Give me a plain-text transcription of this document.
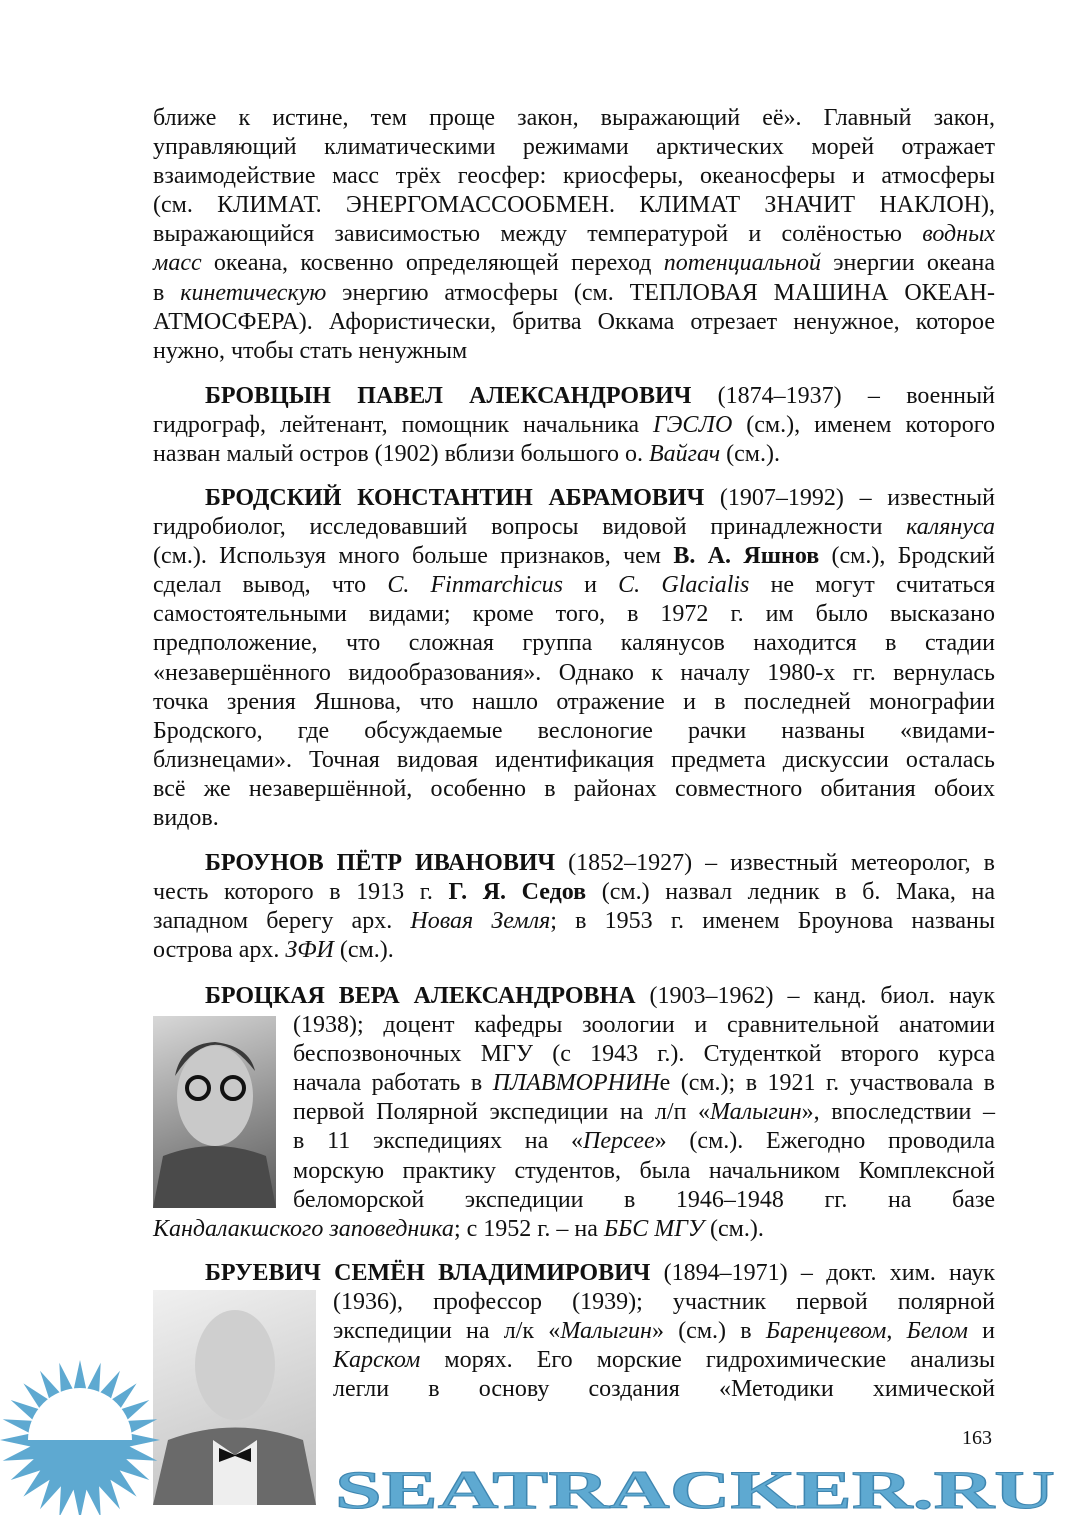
ближе к истине, тем проще закон, выражающий её». Главный закон,
управляющий климатическими режимами арктических морей отражает
взаимодействие масс трёх геосфер: криосферы, океаносферы и атмосферы
(см. КЛИМАТ. ЭНЕРГОМАССООБМЕН. КЛИМАТ ЗНАЧИТ НАКЛОН),
выражающийся зависимостью между температурой и солёностью водных
масс океана, косвенно определяющей переход потенциальной энергии океана
в кинетическую энергию атмосферы (см. ТЕПЛОВАЯ МАШИНА ОКЕАН-
АТМОСФЕРА). Афористически, бритва Оккама отрезает ненужное, которое
нужно, чтобы стать ненужным
БРОВЦЫН ПАВЕЛ АЛЕКСАНДРОВИЧ (1874–1937) – военный
гидрограф, лейтенант, помощник начальника ГЭСЛО (см.), именем которого
назван малый остров (1902) вблизи большого о. Вайгач (см.).
БРОДСКИЙ КОНСТАНТИН АБРАМОВИЧ (1907–1992) – известный
гидробиолог, исследовавший вопросы видовой принадлежности калянуса
(см.). Используя много больше признаков, чем В. А. Яшнов (см.), Бродский
сделал вывод, что C. Finmarchicus и C. Glacialis не могут считаться
самостоятельными видами; кроме того, в 1972 г. им было высказано
предположение, что сложная группа калянусов находится в стадии
«незавершённого видообразования». Однако к началу 1980-х гг. вернулась
точка зрения Яшнова, что нашло отражение и в последней монографии
Бродского, где обсуждаемые веслоногие рачки названы «видами-
близнецами». Точная видовая идентификация предмета дискуссии осталась
всё же незавершённой, особенно в районах совместного обитания обоих
видов.
БРОУНОВ ПЁТР ИВАНОВИЧ (1852–1927) – известный метеоролог, в
честь которого в 1913 г. Г. Я. Седов (см.) назвал ледник в б. Мака, на
западном берегу арх. Новая Земля; в 1953 г. именем Броунова названы
острова арх. ЗФИ (см.).
БРОЦКАЯ ВЕРА АЛЕКСАНДРОВНА (1903–1962) – канд. биол. наук
(1938); доцент кафедры зоологии и сравнительной анатомии
беспозвоночных МГУ (с 1943 г.). Студенткой второго курса
начала работать в ПЛАВМОРНИНе (см.); в 1921 г. участвовала в
первой Полярной экспедиции на л/п «Малыгин», впоследствии –
в 11 экспедициях на «Персее» (см.). Ежегодно проводила
морскую практику студентов, была начальником Комплексной
беломорской экспедиции в 1946–1948 гг. на базе
Кандалакшского заповедника; с 1952 г. – на ББС МГУ (см.).
БРУЕВИЧ СЕМЁН ВЛАДИМИРОВИЧ (1894–1971) – докт. хим. наук
(1936), профессор (1939); участник первой полярной
экспедиции на л/к «Малыгин» (см.) в Баренцевом, Белом и
Карском морях. Его морские гидрохимические анализы
легли в основу создания «Методики химической
163
SEATRACKER.RU
